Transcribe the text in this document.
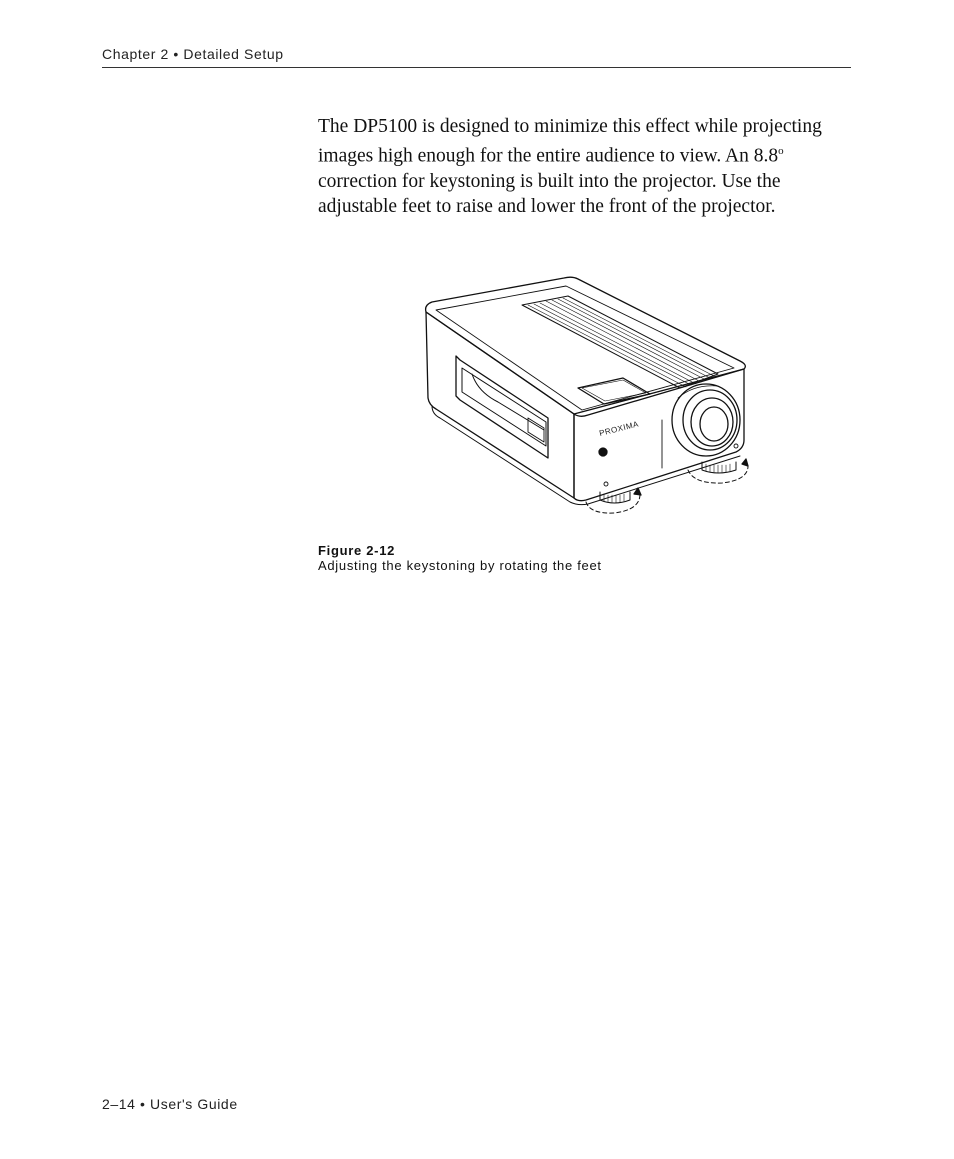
Chapter 2 • Detailed Setup

The DP5100 is designed to minimize this effect while projecting images high enough for the entire audience to view. An 8.8$^o$ correction for keystoning is built into the projector. Use the adjustable feet to raise and lower the front of the projector.

PROXIMA
Figure 2-12
Adjusting the keystoning by rotating the feet
2–14 • User's Guide
